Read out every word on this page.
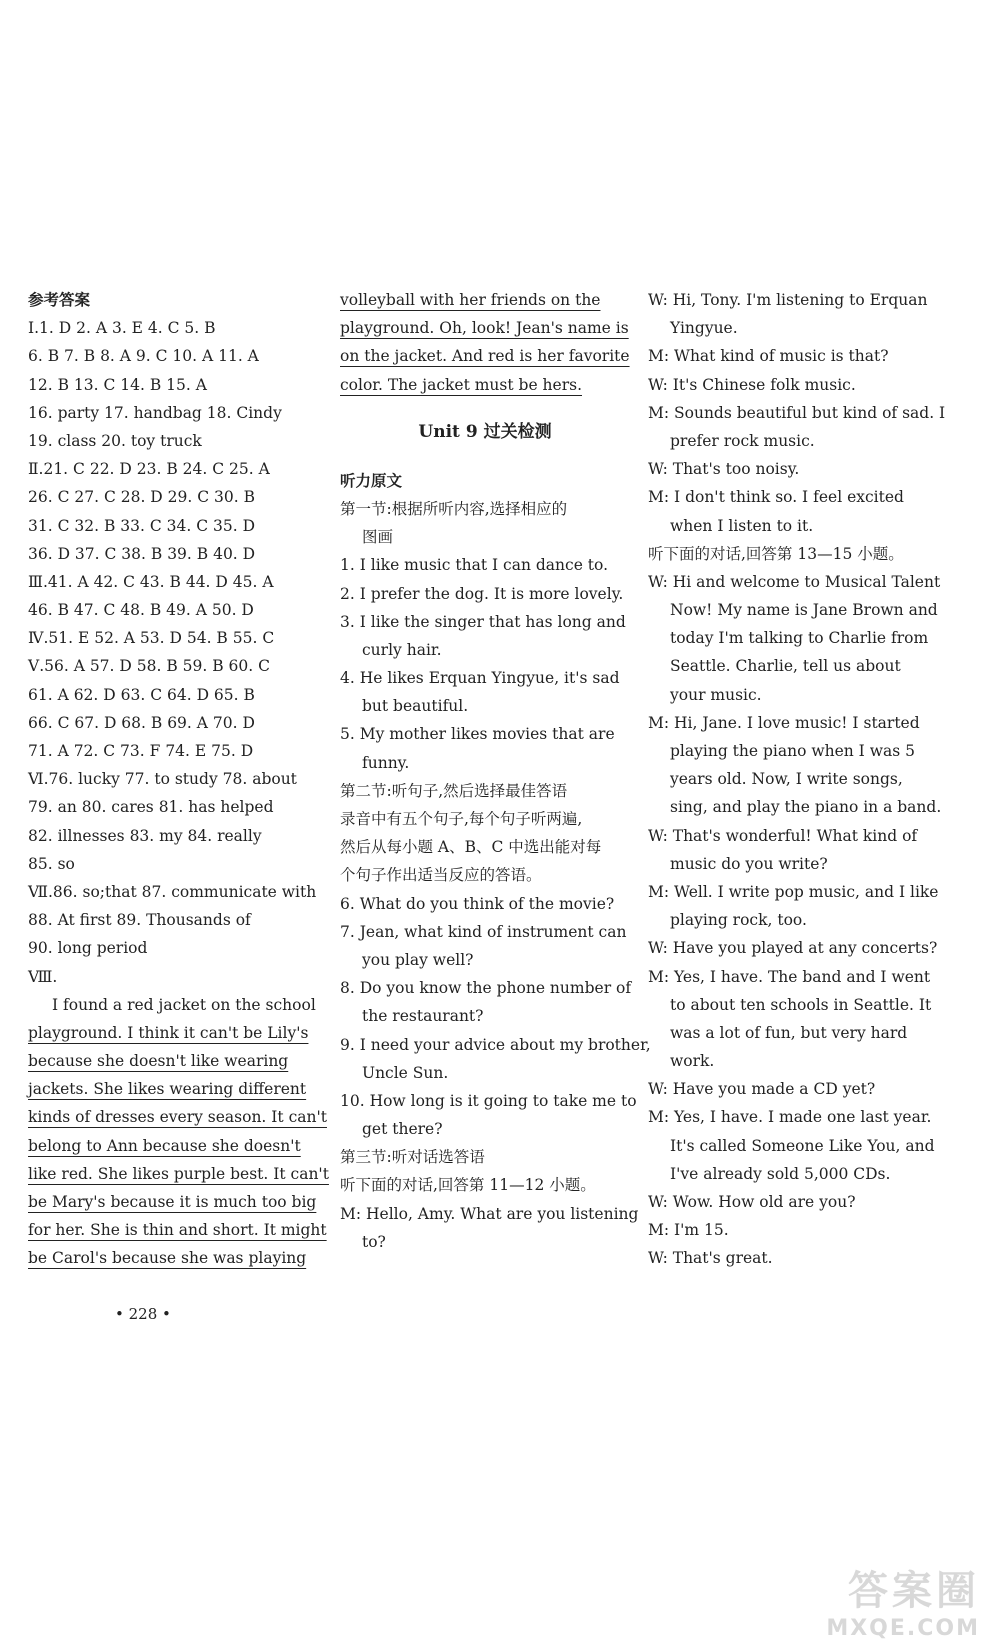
参考答案
Ⅰ.1. D 2. A 3. E 4. C 5. B
6. B 7. B 8. A 9. C 10. A 11. A
12. B 13. C 14. B 15. A
16. party 17. handbag 18. Cindy
19. class 20. toy truck
Ⅱ.21. C 22. D 23. B 24. C 25. A
26. C 27. C 28. D 29. C 30. B
31. C 32. B 33. C 34. C 35. D
36. D 37. C 38. B 39. B 40. D
Ⅲ.41. A 42. C 43. B 44. D 45. A
46. B 47. C 48. B 49. A 50. D
Ⅳ.51. E 52. A 53. D 54. B 55. C
Ⅴ.56. A 57. D 58. B 59. B 60. C
61. A 62. D 63. C 64. D 65. B
66. C 67. D 68. B 69. A 70. D
71. A 72. C 73. F 74. E 75. D
Ⅵ.76. lucky 77. to study 78. about
79. an 80. cares 81. has helped
82. illnesses 83. my 84. really
85. so
Ⅶ.86. so;that 87. communicate with
88. At first 89. Thousands of
90. long period
Ⅷ.
I found a red jacket on the school
playground. I think it can't be Lily's
because she doesn't like wearing
jackets. She likes wearing different
kinds of dresses every season. It can't
belong to Ann because she doesn't
like red. She likes purple best. It can't
be Mary's because it is much too big
for her. She is thin and short. It might
be Carol's because she was playing
volleyball with her friends on the
playground. Oh, look! Jean's name is
on the jacket. And red is her favorite
color. The jacket must be hers.
Unit 9 过关检测
听力原文
第一节:根据所听内容,选择相应的
图画
1. I like music that I can dance to.
2. I prefer the dog. It is more lovely.
3. I like the singer that has long and
curly hair.
4. He likes Erquan Yingyue, it's sad
but beautiful.
5. My mother likes movies that are
funny.
第二节:听句子,然后选择最佳答语
录音中有五个句子,每个句子听两遍,
然后从每小题 A、B、C 中选出能对每
个句子作出适当反应的答语。
6. What do you think of the movie?
7. Jean, what kind of instrument can
you play well?
8. Do you know the phone number of
the restaurant?
9. I need your advice about my brother,
Uncle Sun.
10. How long is it going to take me to
get there?
第三节:听对话选答语
听下面的对话,回答第 11—12 小题。
M: Hello, Amy. What are you listening
to?
W: Hi, Tony. I'm listening to Erquan
Yingyue.
M: What kind of music is that?
W: It's Chinese folk music.
M: Sounds beautiful but kind of sad. I
prefer rock music.
W: That's too noisy.
M: I don't think so. I feel excited
when I listen to it.
听下面的对话,回答第 13—15 小题。
W: Hi and welcome to Musical Talent
Now! My name is Jane Brown and
today I'm talking to Charlie from
Seattle. Charlie, tell us about
your music.
M: Hi, Jane. I love music! I started
playing the piano when I was 5
years old. Now, I write songs,
sing, and play the piano in a band.
W: That's wonderful! What kind of
music do you write?
M: Well. I write pop music, and I like
playing rock, too.
W: Have you played at any concerts?
M: Yes, I have. The band and I went
to about ten schools in Seattle. It
was a lot of fun, but very hard
work.
W: Have you made a CD yet?
M: Yes, I have. I made one last year.
It's called Someone Like You, and
I've already sold 5,000 CDs.
W: Wow. How old are you?
M: I'm 15.
W: That's great.
• 228 •
答案圈
MXQE.COM
